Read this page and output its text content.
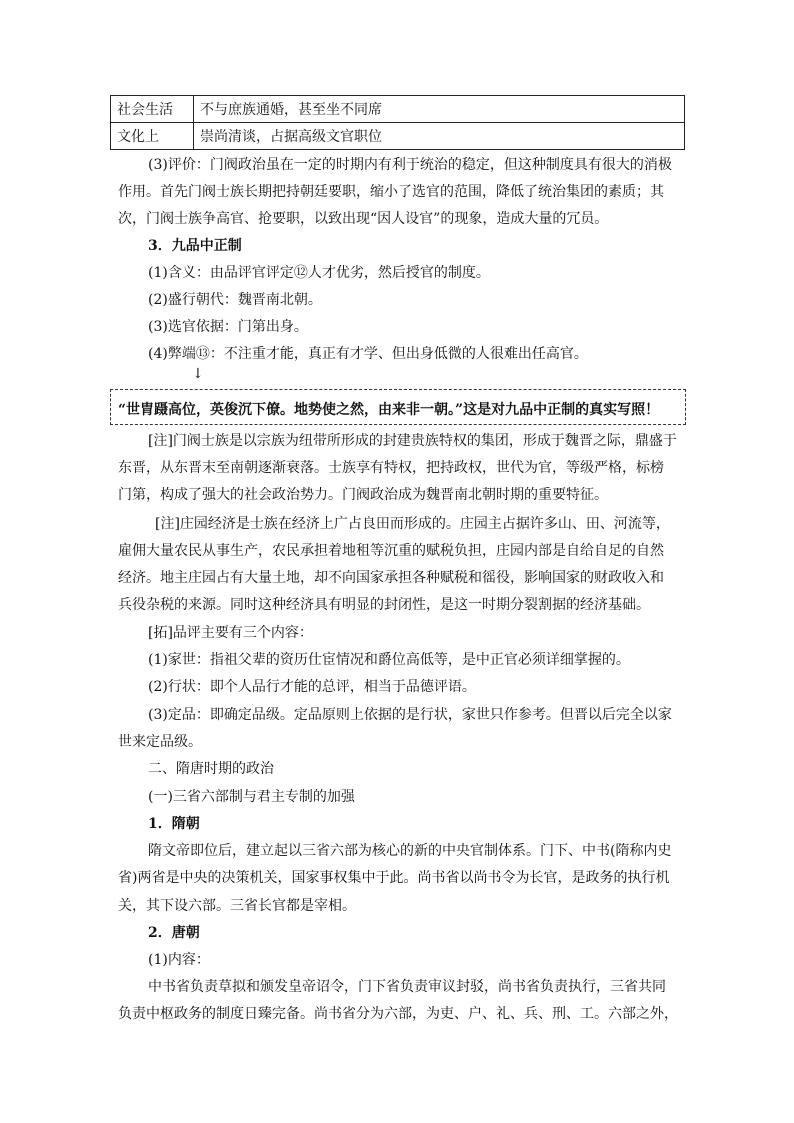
社会生活	不与庶族通婚，甚至坐不同席
文化上	崇尚清谈，占据高级文官职位
(3)评价：门阀政治虽在一定的时期内有利于统治的稳定，但这种制度具有很大的消极
作用。首先门阀士族长期把持朝廷要职，缩小了选官的范围，降低了统治集团的素质；其
次，门阀士族争高官、抢要职，以致出现“因人设官”的现象，造成大量的冗员。
3．九品中正制
(1)含义：由品评官评定⑫人才优劣，然后授官的制度。
(2)盛行朝代：魏晋南北朝。
(3)选官依据：门第出身。
(4)弊端⑬：不注重才能，真正有才学、但出身低微的人很难出任高官。
[注]门阀士族是以宗族为纽带所形成的封建贵族特权的集团，形成于魏晋之际，鼎盛于
东晋，从东晋末至南朝逐渐衰落。士族享有特权，把持政权，世代为官，等级严格，标榜
门第，构成了强大的社会政治势力。门阀政治成为魏晋南北朝时期的重要特征。
[注]庄园经济是士族在经济上广占良田而形成的。庄园主占据许多山、田、河流等，
雇佣大量农民从事生产，农民承担着地租等沉重的赋税负担，庄园内部是自给自足的自然
经济。地主庄园占有大量土地，却不向国家承担各种赋税和徭役，影响国家的财政收入和
兵役杂税的来源。同时这种经济具有明显的封闭性，是这一时期分裂割据的经济基础。
[拓]品评主要有三个内容：
(1)家世：指祖父辈的资历仕宦情况和爵位高低等，是中正官必须详细掌握的。
(2)行状：即个人品行才能的总评，相当于品德评语。
(3)定品：即确定品级。定品原则上依据的是行状，家世只作参考。但晋以后完全以家
世来定品级。
二、隋唐时期的政治
(一)三省六部制与君主专制的加强
1．隋朝
隋文帝即位后，建立起以三省六部为核心的新的中央官制体系。门下、中书(隋称内史
省)两省是中央的决策机关，国家事权集中于此。尚书省以尚书令为长官，是政务的执行机
关，其下设六部。三省长官都是宰相。
2．唐朝
(1)内容：
中书省负责草拟和颁发皇帝诏令，门下省负责审议封驳，尚书省负责执行，三省共同
负责中枢政务的制度日臻完备。尚书省分为六部，为吏、户、礼、兵、刑、工。六部之外，
↓
“世胄蹑高位，英俊沉下僚。地势使之然，由来非一朝。”这是对九品中正制的真实写照！
